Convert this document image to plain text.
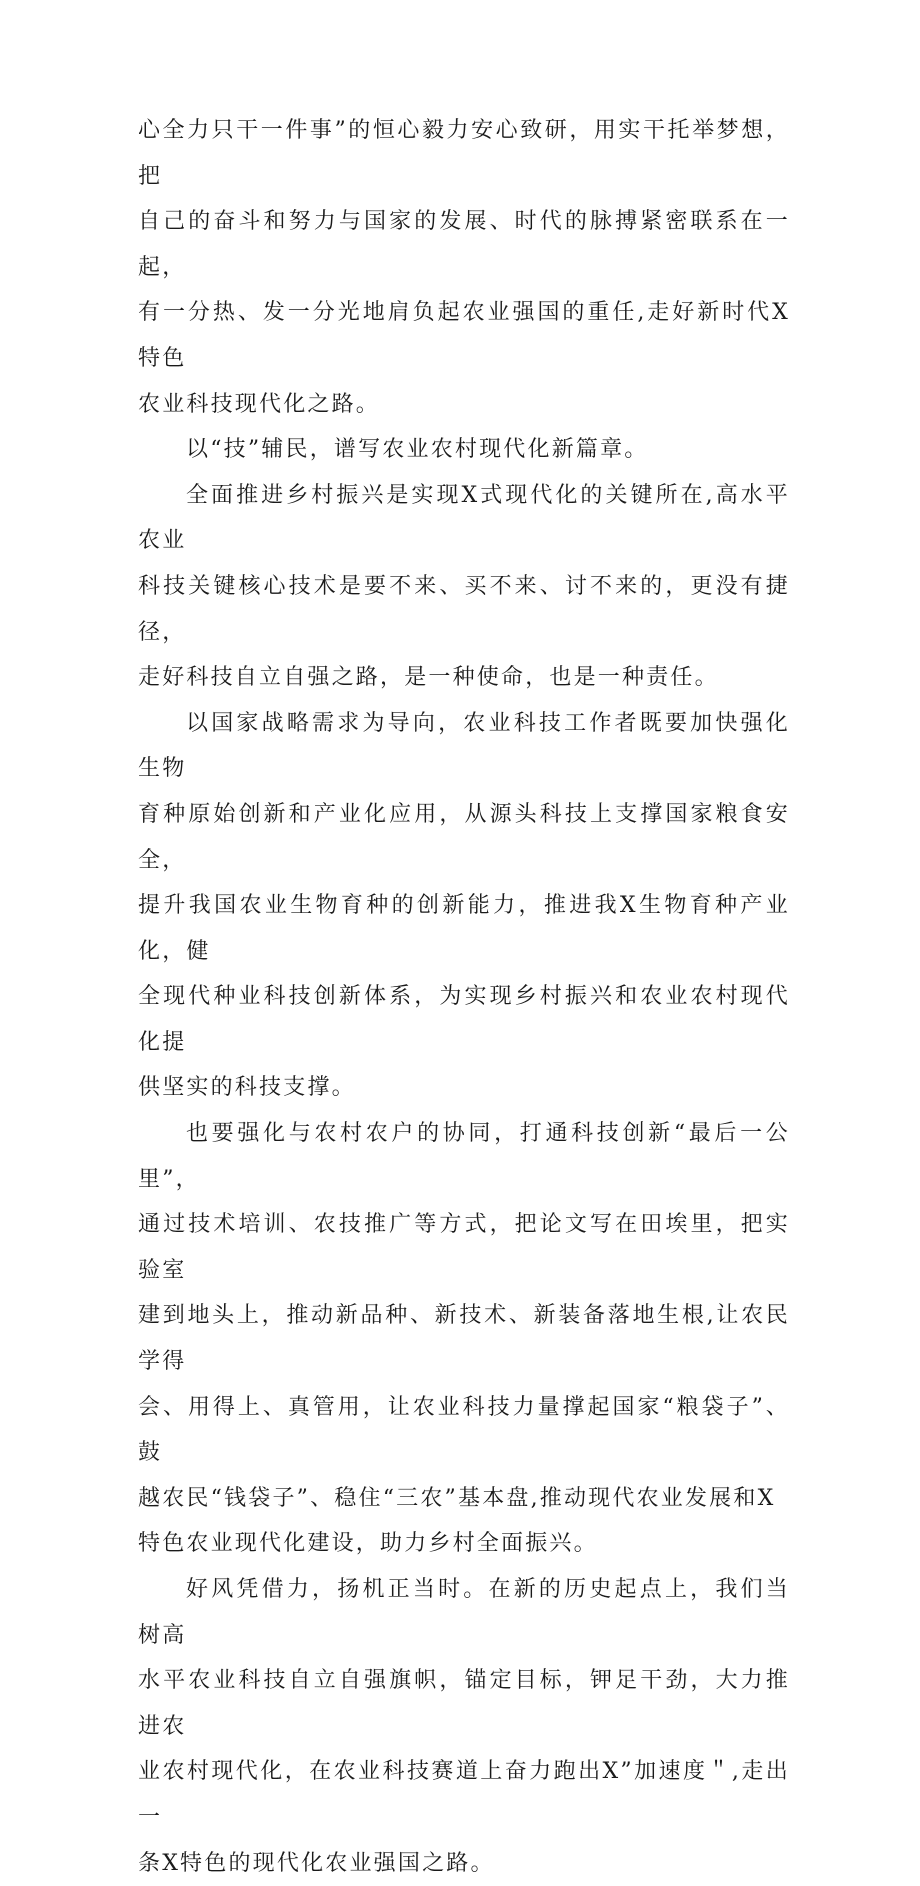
心全力只干一件事”的恒心毅力安心致研，用实干托举梦想，把
自己的奋斗和努力与国家的发展、时代的脉搏紧密联系在一起，
有一分热、发一分光地肩负起农业强国的重任,走好新时代X特色
农业科技现代化之路。

以“技”辅民，谱写农业农村现代化新篇章。

全面推进乡村振兴是实现X式现代化的关键所在,高水平农业
科技关键核心技术是要不来、买不来、讨不来的，更没有捷径，
走好科技自立自强之路，是一种使命，也是一种责任。

以国家战略需求为导向，农业科技工作者既要加快强化生物
育种原始创新和产业化应用，从源头科技上支撑国家粮食安全，
提升我国农业生物育种的创新能力，推进我X生物育种产业化，健
全现代种业科技创新体系，为实现乡村振兴和农业农村现代化提
供坚实的科技支撑。

也要强化与农村农户的协同，打通科技创新“最后一公里”，
通过技术培训、农技推广等方式，把论文写在田埃里，把实验室
建到地头上，推动新品种、新技术、新装备落地生根,让农民学得
会、用得上、真管用，让农业科技力量撑起国家“粮袋子”、鼓
越农民“钱袋子”、稳住“三农”基本盘,推动现代农业发展和X
特色农业现代化建设，助力乡村全面振兴。

好风凭借力，扬机正当时。在新的历史起点上，我们当树高
水平农业科技自立自强旗帜，锚定目标，钾足干劲，大力推进农
业农村现代化，在农业科技赛道上奋力跑出X”加速度＂,走出一
条X特色的现代化农业强国之路。
